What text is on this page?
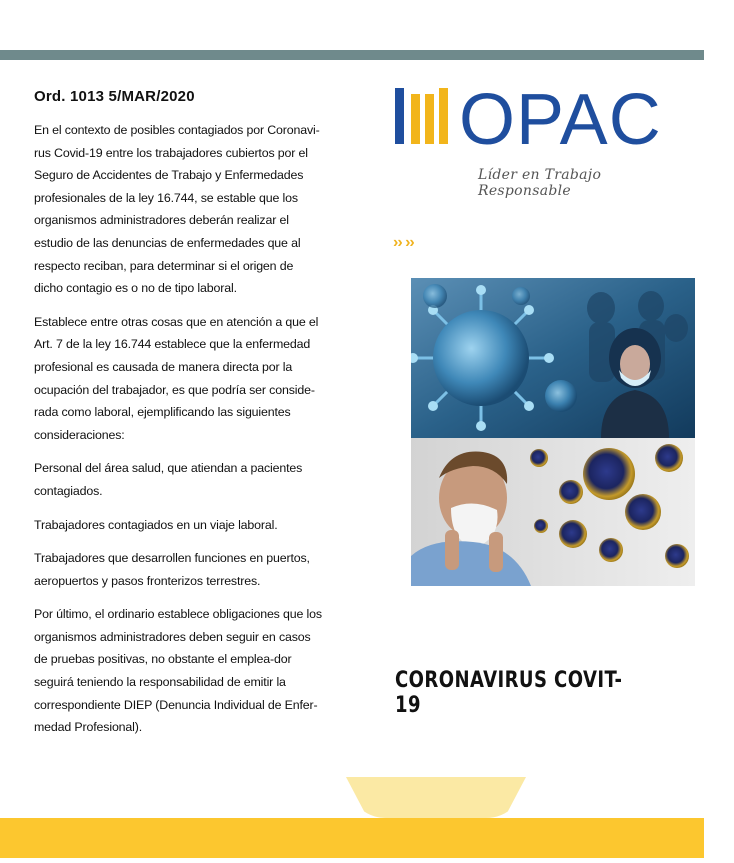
Ord. 1013 5/MAR/2020

En el contexto de posibles contagiados por Coronavi-rus Covid-19 entre los trabajadores cubiertos por el Seguro de Accidentes de Trabajo y Enfermedades profesionales de la ley 16.744, se estable que los organismos administradores deberán realizar el estudio de las denuncias de enfermedades que al respecto reciban, para determinar si el origen de dicho contagio es o no de tipo laboral.

Establece entre otras cosas que en atención a que el Art. 7 de la ley 16.744 establece que la enfermedad profesional es causada de manera directa por la ocupación del trabajador, es que podría ser conside-rada como laboral, ejemplificando las siguientes consideraciones:

Personal del área salud, que atiendan a pacientes contagiados.

Trabajadores contagiados en un viaje laboral.

Trabajadores que desarrollen funciones en puertos, aeropuertos y pasos fronterizos terrestres.

Por último, el ordinario establece obligaciones que los organismos administradores deben seguir en casos de pruebas positivas, no obstante el emplea-dor seguirá teniendo la responsabilidad de emitir la correspondiente DIEP (Denuncia Individual de Enfer-medad Profesional).

OPAC
Líder en Trabajo Responsable
›› ››
CORONAVIRUS COVIT-19
